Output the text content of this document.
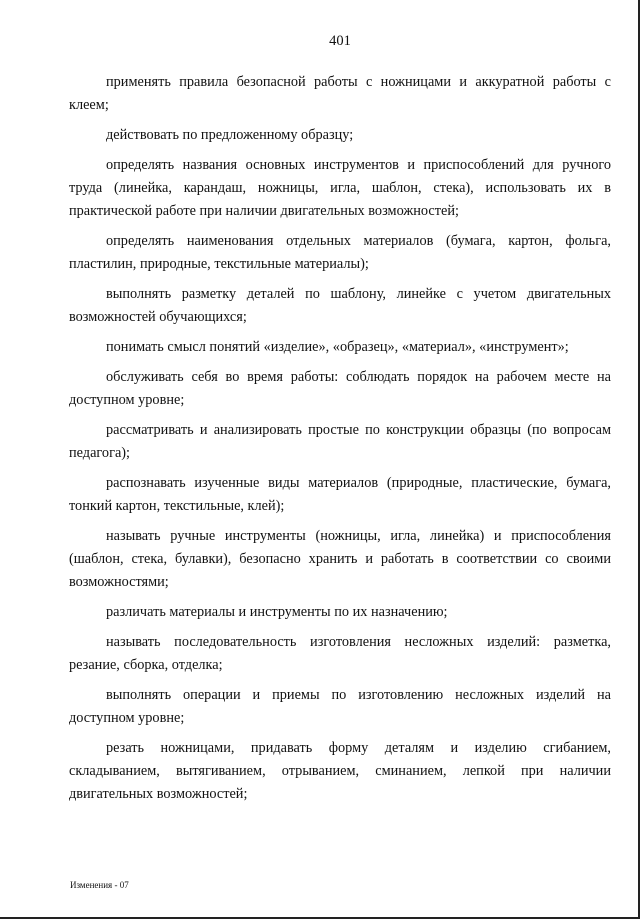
401

применять правила безопасной работы с ножницами и аккуратной работы с клеем;

действовать по предложенному образцу;

определять названия основных инструментов и приспособлений для ручного труда (линейка, карандаш, ножницы, игла, шаблон, стека), использовать их в практической работе при наличии двигательных возможностей;

определять наименования отдельных материалов (бумага, картон, фольга, пластилин, природные, текстильные материалы);

выполнять разметку деталей по шаблону, линейке с учетом двигательных возможностей обучающихся;

понимать смысл понятий «изделие», «образец», «материал», «инструмент»;

обслуживать себя во время работы: соблюдать порядок на рабочем месте на доступном уровне;

рассматривать и анализировать простые по конструкции образцы (по вопросам педагога);

распознавать изученные виды материалов (природные, пластические, бумага, тонкий картон, текстильные, клей);

называть ручные инструменты (ножницы, игла, линейка) и приспособления (шаблон, стека, булавки), безопасно хранить и работать в соответствии со своими возможностями;

различать материалы и инструменты по их назначению;

называть последовательность изготовления несложных изделий: разметка, резание, сборка, отделка;

выполнять операции и приемы по изготовлению несложных изделий на доступном уровне;

резать ножницами, придавать форму деталям и изделию сгибанием, складыванием, вытягиванием, отрыванием, сминанием, лепкой при наличии двигательных возможностей;

Изменения - 07
